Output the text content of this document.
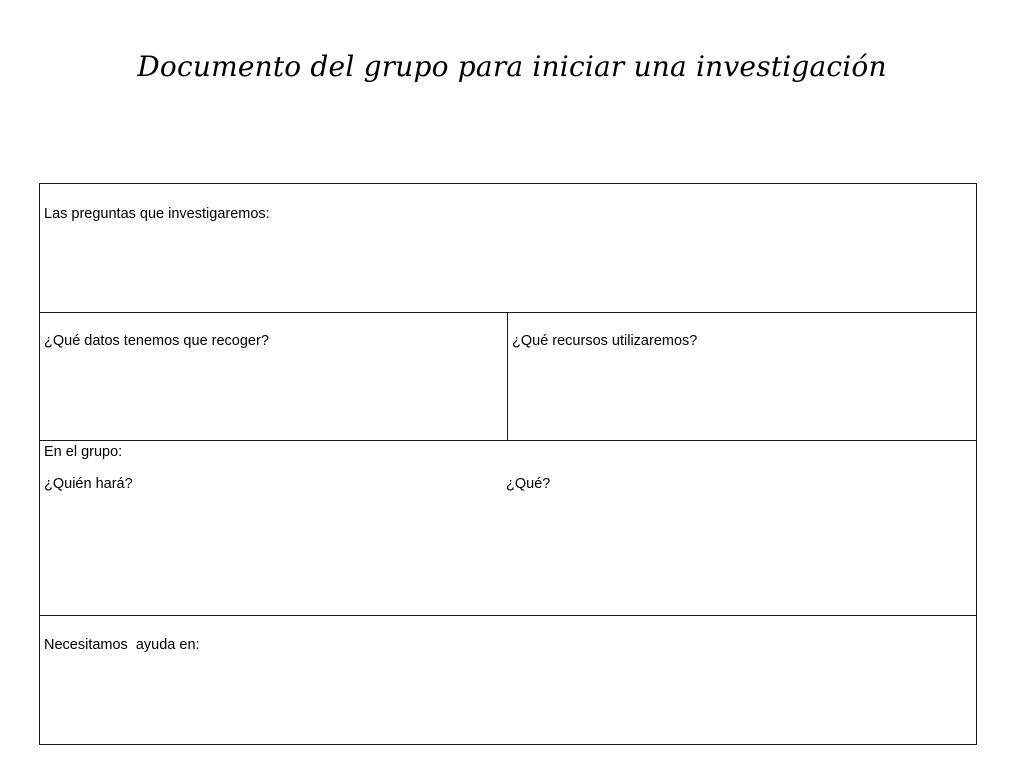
Documento del grupo para iniciar una investigación
Las preguntas que investigaremos:
¿Qué datos tenemos que recoger?	¿Qué recursos utilizaremos?
En el grupo:
¿Quién hará?	¿Qué?
Necesitamos  ayuda en:
